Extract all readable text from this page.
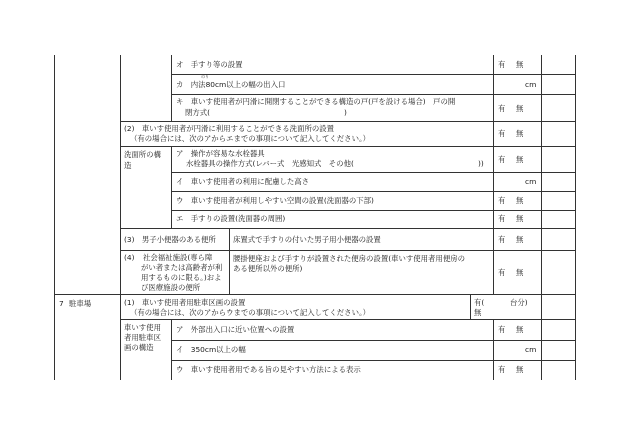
オ　手すり等の設置	有 無
のり
カ　内法80cm以上の幅の出入口	cm
キ　車いす使用者が円滑に開閉することができる構造の戸(戸を設ける場合)　戸の開
閉方式(	)	有 無
(2)　車いす使用者が円滑に利用することができる洗面所の設置
（有の場合には、次のアからエまでの事項について記入してください。）
有 無
洗面所の構
造
ア　操作が容易な水栓器具
水栓器具の操作方式(レバー式　光感知式　その他(	)) 有 無
イ　車いす使用者の利用に配慮した高さ	cm
ウ　車いす使用者が利用しやすい空間の設置(洗面器の下部)	有 無
エ　手すりの設置(洗面器の周囲)	有 無
(3)　男子小便器のある便所 床置式で手すりの付いた男子用小便器の設置	有 無
(4) 社会福祉施設(専ら障
がい者または高齢者が利
用するものに限る。)およ
び医療施設の便所
腰掛便座および手すりが設置された便房の設置(車いす使用者用便房の
ある便所以外の便所)	有 無
7 駐車場	(1)　車いす使用者用駐車区画の設置
（有の場合には、次のアからウまでの事項について記入してください。）
有(	台分)
無
車いす使用
者用駐車区
画の構造
ア　外部出入口に近い位置への設置	有 無
イ　350cm以上の幅	cm
ウ　車いす使用者用である旨の見やすい方法による表示	有 無
